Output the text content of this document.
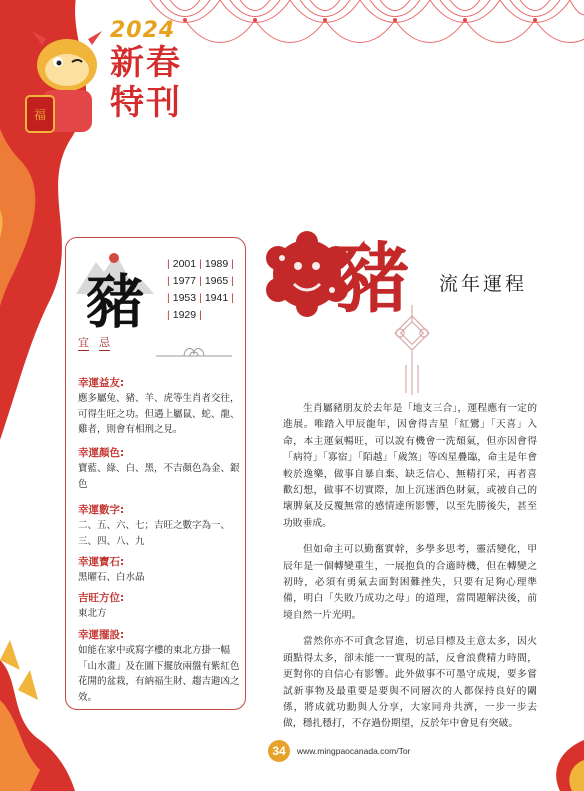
福
2024
新春
特刊
豬
| 2001 | 1989 |
| 1977 | 1965 |
| 1953 | 1941 |
| 1929 |
宜 忌
幸運益友:
應多屬兔、豬、羊、虎等生肖者交往，可得生旺之功。但遇上屬鼠、蛇、龍、雞者，則會有相刑之見。
幸運顏色:
寶藍、綠、白、黑，不吉顏色為金、銀色
幸運數字:
二、五、六、七；吉旺之數字為一、三、四、八、九
幸運寶石:
黑曜石、白水晶
吉旺方位:
東北方
幸運擺設:
如能在家中或寫字樓的東北方掛一幅「山水畫」及在圖下擺放兩盤有紫紅色花開的盆栽，有納福生財、趨吉避凶之效。
豬 流年運程

生肖屬豬朋友於去年是「地支三合」，運程應有一定的進展。唯踏入甲辰龍年，因會得吉星「紅鸞」「天喜」入命，本主運氣暢旺，可以說有機會一洗頹氣，但亦因會得「病符」「寡宿」「陌越」「歲煞」等凶星疊臨，命主是年會較於逸樂，做事自暴自棄、缺乏信心、無精打采，再者喜歡幻想，做事不切實際，加上沉迷酒色財氣，或被自己的壞脾氣及反覆無常的感情達所影響，以至先勝後失，甚至功敗垂成。

但如命主可以勤奮實幹，多學多思考，靈活變化，甲辰年是一個轉變重生，一展抱負的合適時機，但在轉變之初時，必須有勇氣去面對困難挫失，只要有足夠心理準備，明白「失敗乃成功之母」的道理，當問題解決後，前境自然一片光明。

當然你亦不可貪念冒進，切忌目標及主意太多，因火頭點得太多，卻未能一一實現的話，反會浪費精力時間，更對你的自信心有影響。此外做事不可墨守成規，要多嘗試新事物及最重要是要與不同層次的人都保持良好的關係，將成就功勳與人分享，大家同舟共濟，一步一步去做，穩扎穩打，不存過份期望，反於年中會見有突破。

34	www.mingpaocanada.com/Tor
